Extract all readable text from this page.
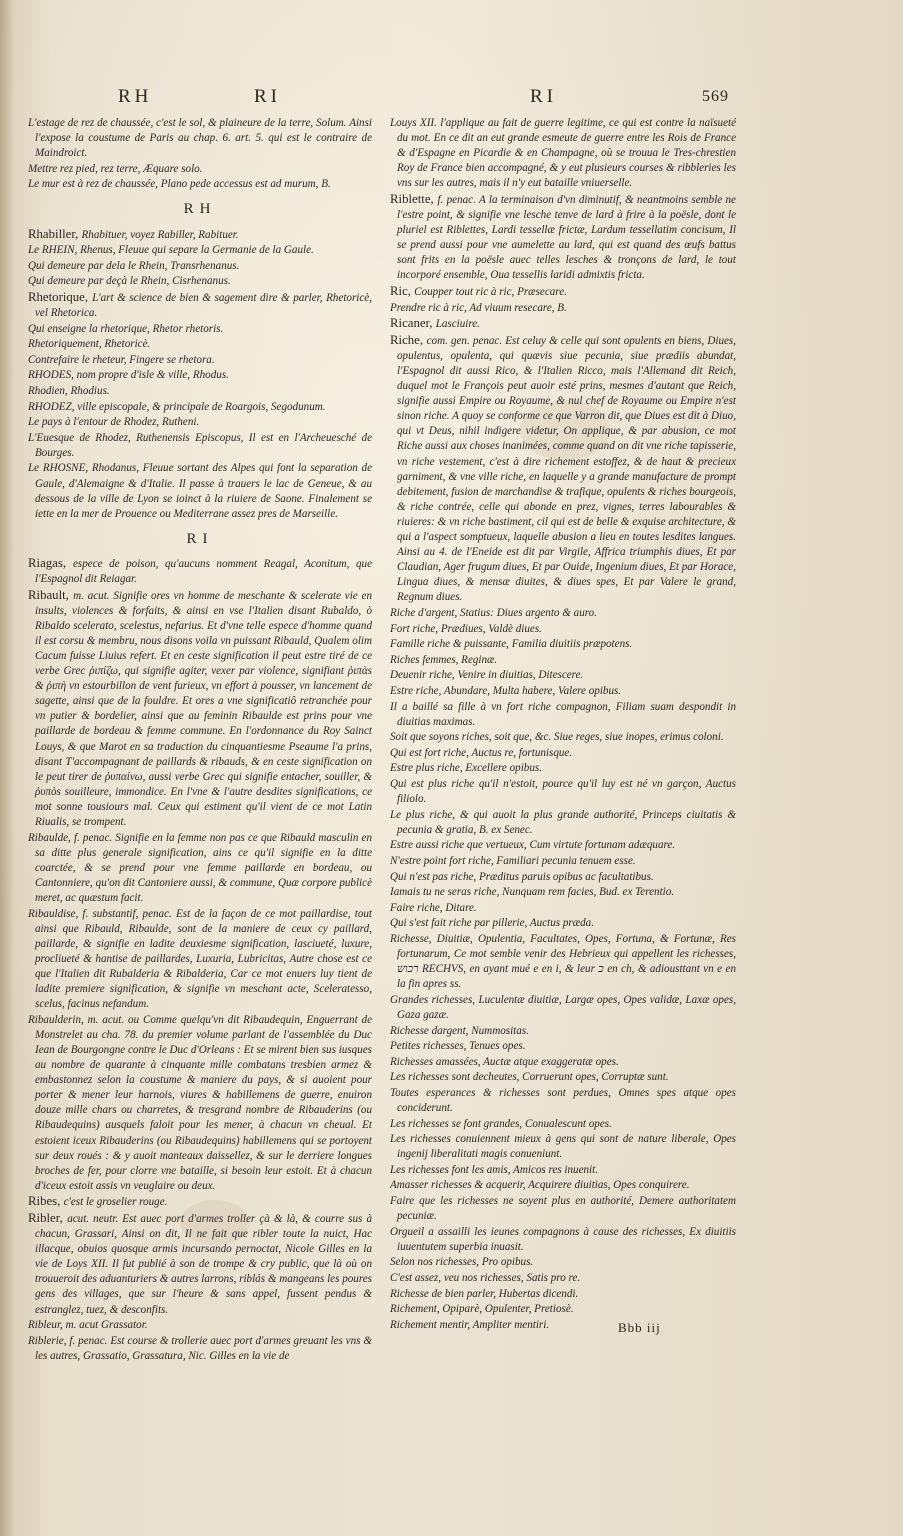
RH	RI	RI	569
L'estage de rez de chaussée, c'est le sol, & plaineure de la terre, Solum. Ainsi l'expose la coustume de Paris au chap. 6. art. 5. qui est le contraire de Maindroict.
Mettre rez pied, rez terre, Æquare solo.
Le mur est à rez de chaussée, Plano pede accessus est ad murum, B.
RH
Rhabiller, Rhabituer, voyez Rabiller, Rabituer.
Le RHEIN, Rhenus, Fleuue qui separe la Germanie de la Gaule.
Qui demeure par dela le Rhein, Transrhenanus.
Qui demeure par deçà le Rhein, Cisrhenanus.
Rhetorique, L'art & science de bien & sagement dire & parler, Rhetoricè, vel Rhetorica.
Qui enseigne la rhetorique, Rhetor rhetoris.
Rhetoriquement, Rhetoricè.
Contrefaire le rheteur, Fingere se rhetora.
RHODES, nom propre d'isle & ville, Rhodus.
Rhodien, Rhodius.
RHODEZ, ville episcopale, & principale de Roargois, Segodunum.
Le pays à l'entour de Rhodez, Rutheni.
L'Euesque de Rhodez, Ruthenensis Episcopus, Il est en l'Archeuesché de Bourges.
Le RHOSNE, Rhodanus, Fleuue sortant des Alpes qui font la separation de Gaule, d'Alemaigne & d'Italie. Il passe à trauers le lac de Geneue, & au dessous de la ville de Lyon se ioinct à la riuiere de Saone. Finalement se iette en la mer de Prouence ou Mediterrane assez pres de Marseille.
RI
Riagas, espece de poison, qu'aucuns nomment Reagal, Aconitum, que l'Espagnol dit Reiagar.
Ribault, m. acut. Signifie ores vn homme de meschante & scelerate vie en insults, violences & forfaits, & ainsi en vse l'Italien disant Rubaldo, ò Ribaldo scelerato, scelestus, nefarius. Et d'vne telle espece d'homme quand il est corsu & membru, nous disons voila vn puissant Ribauld, Qualem olim Cacum fuisse Liuius refert. Et en ceste signification il peut estre tiré de ce verbe Grec ῥιπίζω, qui signifie agiter, vexer par violence, signifiant ῥιπὰs & ῥιπὴ vn estourbillon de vent furieux, vn effort à pousser, vn lancement de sagette, ainsi que de la fouldre. Et ores a vne significatiô retranchée pour vn putier & bordelier, ainsi que au feminin Ribaulde est prins pour vne paillarde de bordeau & femme commune. En l'ordonnance du Roy Sainct Louys, & que Marot en sa traduction du cinquantiesme Pseaume l'a prins, disant T'accompagnant de paillards & ribauds, & en ceste signification on le peut tirer de ῥυπαίνω, aussi verbe Grec qui signifie entacher, souiller, & ῥυπὸs souilleure, immondice. En l'vne & l'autre desdites significations, ce mot sonne tousiours mal. Ceux qui estiment qu'il vient de ce mot Latin Riualis, se trompent.
Ribaulde, f. penac. Signifie en la femme non pas ce que Ribauld masculin en sa ditte plus generale signification, ains ce qu'il signifie en la ditte coarctée, & se prend pour vne femme paillarde en bordeau, ou Cantonniere, qu'on dit Cantoniere aussi, & commune, Quæ corpore publicè meret, ac quæstum facit.
Ribauldise, f. substantif, penac. Est de la façon de ce mot paillardise, tout ainsi que Ribauld, Ribaulde, sont de la maniere de ceux cy paillard, paillarde, & signifie en ladite deuxiesme signification, lasciueté, luxure, procliueté & hantise de paillardes, Luxuria, Lubricitas, Autre chose est ce que l'Italien dit Rubalderia & Ribalderia, Car ce mot enuers luy tient de ladite premiere signification, & signifie vn meschant acte, Sceleratesso, scelus, facinus nefandum.
Ribaulderin, m. acut. ou Comme quelqu'vn dit Ribaudequin, Enguerrant de Monstrelet au cha. 78. du premier volume parlant de l'assemblée du Duc Iean de Bourgongne contre le Duc d'Orleans : Et se mirent bien sus iusques au nombre de quarante à cinquante mille combatans tresbien armez & embastonnez selon la coustume & maniere du pays, & si auoient pour porter & mener leur harnois, viures & habillemens de guerre, enuiron douze mille chars ou charretes, & tresgrand nombre de Ribauderins (ou Ribaudequins) ausquels faloit pour les mener, à chacun vn cheual. Et estoient iceux Ribauderins (ou Ribaudequins) habillemens qui se portoyent sur deux roués : & y auoit manteaux daissellez, & sur le derriere longues broches de fer, pour clorre vne bataille, si besoin leur estoit. Et à chacun d'iceux estoit assis vn veuglaire ou deux.
Ribes, c'est le groselier rouge.
Ribler, acut. neutr. Est auec port d'armes troller çà & là, & courre sus à chacun, Grassari, Ainsi on dit, Il ne fait que ribler toute la nuict, Hac illacque, obuios quosque armis incursando pernoctat, Nicole Gilles en la vie de Loys XII. Il fut publié à son de trompe & cry public, que là où on trouueroit des aduanturiers & autres larrons, riblás & mangeans les poures gens des villages, que sur l'heure & sans appel, fussent pendus & estranglez, tuez, & desconfits.
Ribleur, m. acut Grassator.
Riblerie, f. penac. Est course & trollerie auec port d'armes greuant les vns & les autres, Grassatio, Grassatura, Nic. Gilles en la vie de
Louys XII. l'applique au fait de guerre legitime, ce qui est contre la naïsueté du mot. En ce dit an eut grande esmeute de guerre entre les Rois de France & d'Espagne en Picardie & en Champagne, où se trouua le Tres-chrestien Roy de France bien accompagné, & y eut plusieurs courses & ribbleries les vns sur les autres, mais il n'y eut bataille vniuerselle.
Riblette, f. penac. A la terminaison d'vn diminutif, & neantmoins semble ne l'estre point, & signifie vne lesche tenve de lard à frire à la poësle, dont le pluriel est Riblettes, Lardi tessellæ frictæ, Lardum tessellatim concisum, Il se prend aussi pour vne aumelette au lard, qui est quand des œufs battus sont frits en la poësle auec telles lesches & tronçons de lard, le tout incorporé ensemble, Oua tessellis laridi admixtis fricta.
Ric, Coupper tout ric à ric, Præsecare.
Prendre ric à ric, Ad viuum resecare, B.
Ricaner, Lasciuire.
Riche, com. gen. penac. Est celuy & celle qui sont opulents en biens, Diues, opulentus, opulenta, qui quævis siue pecunia, siue prædiis abundat, l'Espagnol dit aussi Rico, & l'Italien Ricco, mais l'Allemand dit Reich, duquel mot le François peut auoir esté prins, mesmes d'autant que Reich, signifie aussi Empire ou Royaume, & nul chef de Royaume ou Empire n'est sinon riche. A quoy se conforme ce que Varron dit, que Diues est dit à Diuo, qui vt Deus, nihil indigere videtur, On applique, & par abusion, ce mot Riche aussi aux choses inanimées, comme quand on dit vne riche tapisserie, vn riche vestement, c'est à dire richement estoffez, & de haut & precieux garniment, & vne ville riche, en laquelle y a grande manufacture de prompt debitement, fusion de marchandise & trafique, opulents & riches bourgeois, & riche contrée, celle qui abonde en prez, vignes, terres labourables & riuieres: & vn riche bastiment, cil qui est de belle & exquise architecture, & qui a l'aspect somptueux, laquelle abusion a lieu en toutes lesdites langues. Ainsi au 4. de l'Eneide est dit par Virgile, Affrica triumphis diues, Et par Claudian, Ager frugum diues, Et par Ouide, Ingenium diues, Et par Horace, Lingua diues, & mensæ diuites, & diues spes, Et par Valere le grand, Regnum diues.
Riche d'argent, Statius: Diues argento & auro.
Fort riche, Prædiues, Valdè diues.
Famille riche & puissante, Familia diuitiis præpotens.
Riches femmes, Reginæ.
Deuenir riche, Venire in diuitias, Ditescere.
Estre riche, Abundare, Multa habere, Valere opibus.
Il a baillé sa fille à vn fort riche compagnon, Filiam suam despondit in diuitias maximas.
Soit que soyons riches, soit que, &c. Siue reges, siue inopes, erimus coloni.
Qui est fort riche, Auctus re, fortunisque.
Estre plus riche, Excellere opibus.
Qui est plus riche qu'il n'estoit, pource qu'il luy est né vn garçon, Auctus filiolo.
Le plus riche, & qui auoit la plus grande authorité, Princeps ciuitatis & pecunia & gratia, B. ex Senec.
Estre aussi riche que vertueux, Cum virtute fortunam adæquare.
N'estre point fort riche, Familiari pecunia tenuem esse.
Qui n'est pas riche, Præditus paruis opibus ac facultatibus.
Iamais tu ne seras riche, Nunquam rem facies, Bud. ex Terentio.
Faire riche, Ditare.
Qui s'est fait riche par pillerie, Auctus præda.
Richesse, Diuitiæ, Opulentia, Facultates, Opes, Fortuna, & Fortunæ, Res fortunarum, Ce mot semble venir des Hebrieux qui appellent les richesses, רכוש RECHVS, en ayant mué e en i, & leur כ en ch, & adiousttant vn e en la fin apres ss.
Grandes richesses, Luculentæ diuitiæ, Largæ opes, Opes validæ, Laxæ opes, Gaza gazæ.
Richesse dargent, Nummositas.
Petites richesses, Tenues opes.
Richesses amassées, Auctæ atque exaggeratæ opes.
Les richesses sont decheutes, Corruerunt opes, Corruptæ sunt.
Toutes esperances & richesses sont perdues, Omnes spes atque opes conciderunt.
Les richesses se font grandes, Conualescunt opes.
Les richesses conuiennent mieux à gens qui sont de nature liberale, Opes ingenij liberalitati magis conueniunt.
Les richesses font les amis, Amicos res inuenit.
Amasser richesses & acquerir, Acquirere diuitias, Opes conquirere.
Faire que les richesses ne soyent plus en authorité, Demere authoritatem pecuniæ.
Orgueil a assailli les ieunes compagnons à cause des richesses, Ex diuitiis iuuentutem superbia inuasit.
Selon nos richesses, Pro opibus.
C'est assez, veu nos richesses, Satis pro re.
Richesse de bien parler, Hubertas dicendi.
Richement, Opiparè, Opulenter, Pretiosè.
Richement mentir, Ampliter mentiri.	Bbb iij
